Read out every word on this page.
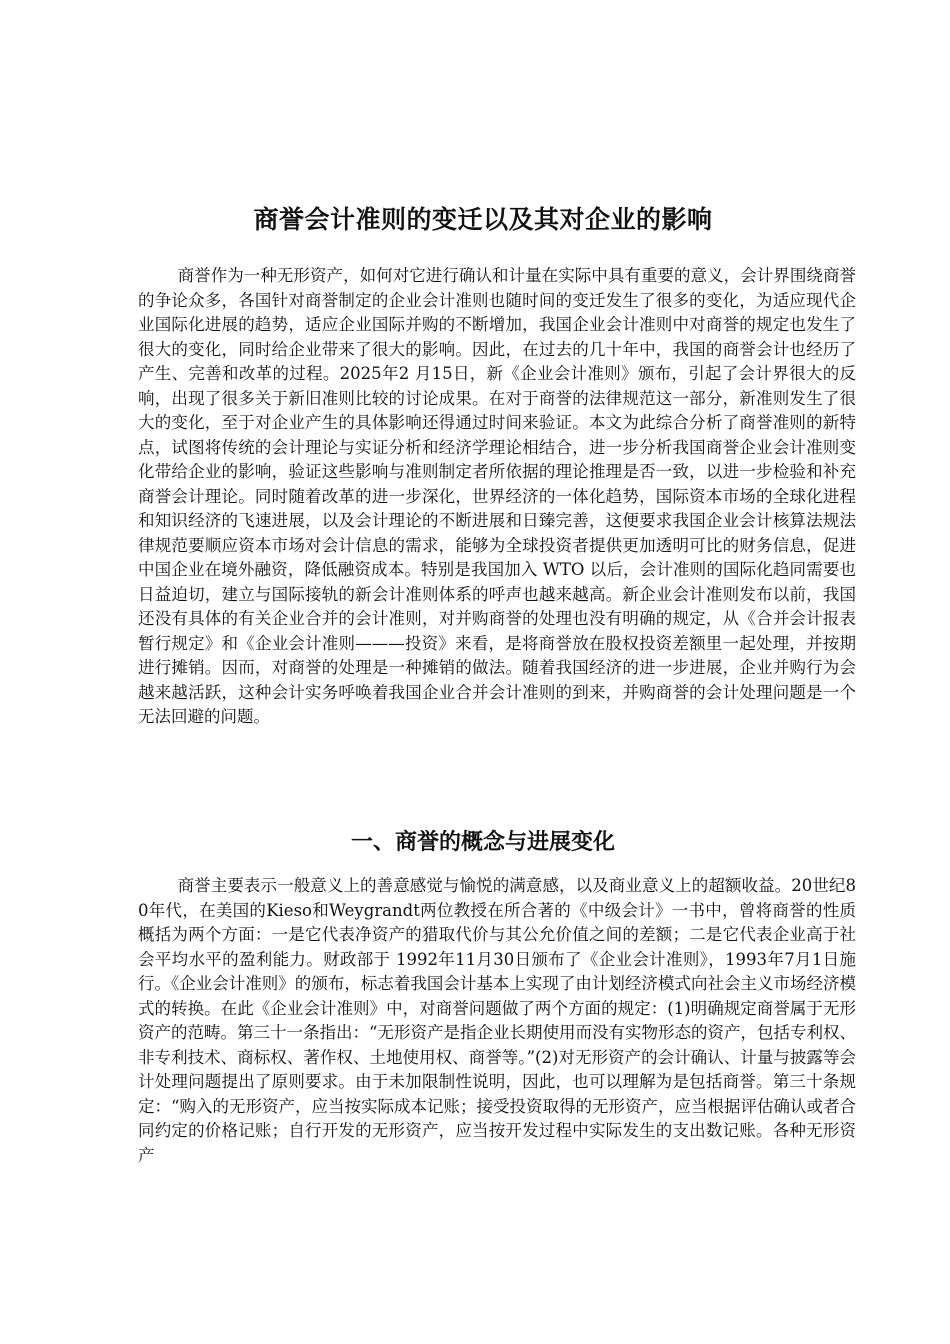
商誉会计准则的变迁以及其对企业的影响

商誉作为一种无形资产，如何对它进行确认和计量在实际中具有重要的意义，会计界围绕商誉的争论众多，各国针对商誉制定的企业会计准则也随时间的变迁发生了很多的变化，为适应现代企业国际化进展的趋势，适应企业国际并购的不断增加，我国企业会计准则中对商誉的规定也发生了很大的变化，同时给企业带来了很大的影响。因此，在过去的几十年中，我国的商誉会计也经历了产生、完善和改革的过程。2025年2 月15日，新《企业会计准则》颁布，引起了会计界很大的反响，出现了很多关于新旧准则比较的讨论成果。在对于商誉的法律规范这一部分，新准则发生了很大的变化，至于对企业产生的具体影响还得通过时间来验证。本文为此综合分析了商誉准则的新特点，试图将传统的会计理论与实证分析和经济学理论相结合，进一步分析我国商誉企业会计准则变化带给企业的影响，验证这些影响与准则制定者所依据的理论推理是否一致，以进一步检验和补充商誉会计理论。同时随着改革的进一步深化，世界经济的一体化趋势，国际资本市场的全球化进程和知识经济的飞速进展，以及会计理论的不断进展和日臻完善，这便要求我国企业会计核算法规法律规范要顺应资本市场对会计信息的需求，能够为全球投资者提供更加透明可比的财务信息，促进中国企业在境外融资，降低融资成本。特别是我国加入 WTO 以后，会计准则的国际化趋同需要也日益迫切，建立与国际接轨的新会计准则体系的呼声也越来越高。新企业会计准则发布以前，我国还没有具体的有关企业合并的会计准则，对并购商誉的处理也没有明确的规定，从《合并会计报表暂行规定》和《企业会计准则———投资》来看，是将商誉放在股权投资差额里一起处理，并按期进行摊销。因而，对商誉的处理是一种摊销的做法。随着我国经济的进一步进展，企业并购行为会越来越活跃，这种会计实务呼唤着我国企业合并会计准则的到来，并购商誉的会计处理问题是一个无法回避的问题。

一、商誉的概念与进展变化

商誉主要表示一般意义上的善意感觉与愉悦的满意感，以及商业意义上的超额收益。20世纪80年代，在美国的Kieso和Weygrandt两位教授在所合著的《中级会计》一书中，曾将商誉的性质概括为两个方面：一是它代表净资产的猎取代价与其公允价值之间的差额；二是它代表企业高于社会平均水平的盈利能力。财政部于 1992年11月30日颁布了《企业会计准则》，1993年7月1日施行。《企业会计准则》的颁布，标志着我国会计基本上实现了由计划经济模式向社会主义市场经济模式的转换。在此《企业会计准则》中，对商誉问题做了两个方面的规定：(1)明确规定商誉属于无形资产的范畴。第三十一条指出：“无形资产是指企业长期使用而没有实物形态的资产，包括专利权、非专利技术、商标权、著作权、土地使用权、商誉等。”(2)对无形资产的会计确认、计量与披露等会计处理问题提出了原则要求。由于未加限制性说明，因此，也可以理解为是包括商誉。第三十条规定：“购入的无形资产，应当按实际成本记账；接受投资取得的无形资产，应当根据评估确认或者合同约定的价格记账；自行开发的无形资产，应当按开发过程中实际发生的支出数记账。各种无形资产
